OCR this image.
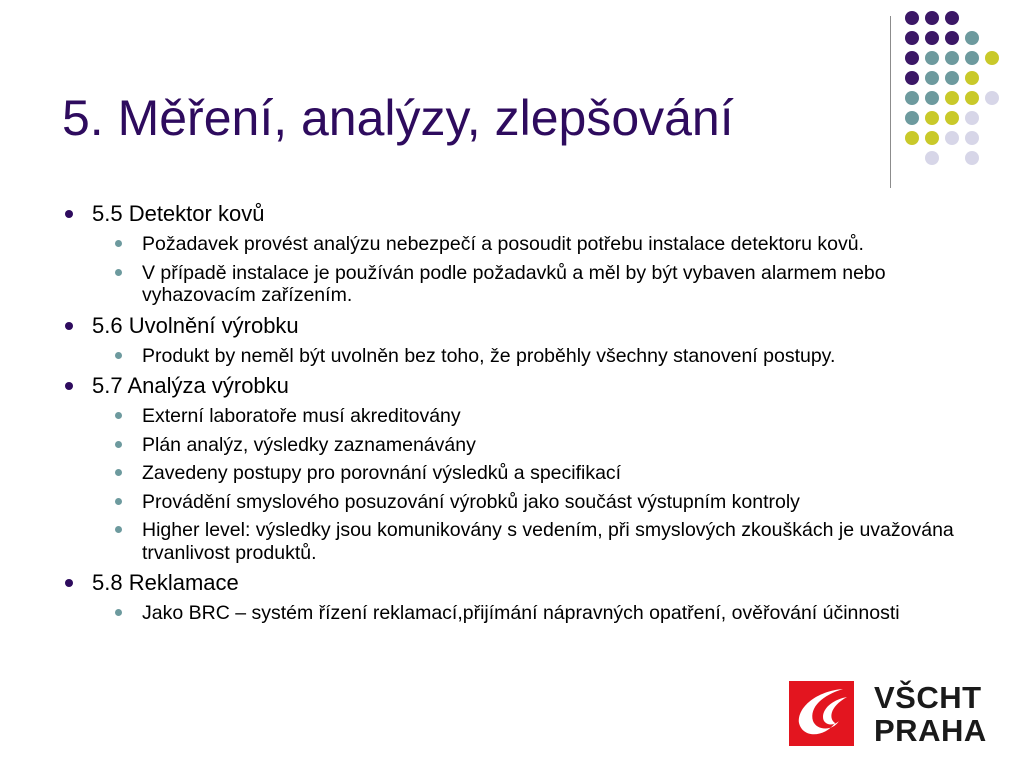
5. Měření, analýzy, zlepšování
5.5 Detektor kovů
Požadavek provést analýzu nebezpečí a posoudit potřebu instalace detektoru kovů.
V případě instalace je používán podle požadavků a měl by být vybaven alarmem nebo vyhazovacím zařízením.
5.6 Uvolnění výrobku
Produkt by neměl být uvolněn bez toho, že proběhly všechny stanovení postupy.
5.7 Analýza výrobku
Externí laboratoře musí akreditovány
Plán analýz, výsledky zaznamenávány
Zavedeny postupy pro porovnání výsledků a specifikací
Provádění smyslového posuzování výrobků jako součást výstupním kontroly
Higher level: výsledky jsou komunikovány s vedením, při smyslových zkouškách je uvažována trvanlivost produktů.
5.8 Reklamace
Jako BRC – systém řízení reklamací,přijímání nápravných opatření, ověřování účinnosti
VŠCHT
PRAHA
